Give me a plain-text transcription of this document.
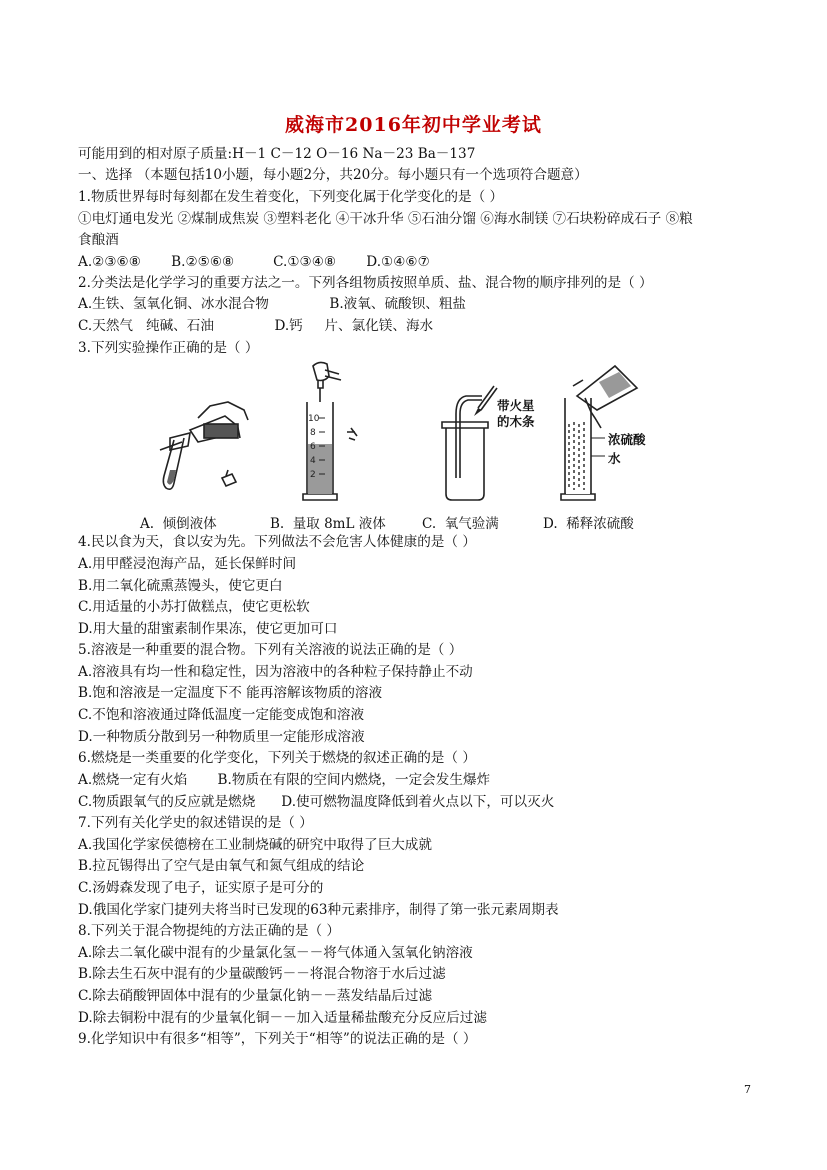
威海市2016年初中学业考试
可能用到的相对原子质量:H－1 C－12 O－16 Na－23 Ba－137
一、选择 （本题包括10小题，每小题2分，共20分。每小题只有一个选项符合题意）
1.物质世界每时每刻都在发生着变化，下列变化属于化学变化的是（ ）
①电灯通电发光 ②煤制成焦炭 ③塑料老化 ④干冰升华 ⑤石油分馏 ⑥海水制镁 ⑦石块粉碎成石子 ⑧粮
食酿酒
A.②③⑥⑧       B.②⑤⑥⑧         C.①③④⑧       D.①④⑥⑦
2.分类法是化学学习的重要方法之一。下列各组物质按照单质、盐、混合物的顺序排列的是（ ）
A.生铁、氢氧化铜、冰水混合物              B.液氧、硫酸钡、粗盐
C.天然气   纯碱、石油              D.钙     片、氯化镁、海水
3.下列实验操作正确的是（ ）
4.民以食为天，食以安为先。下列做法不会危害人体健康的是（ ）
A.用甲醛浸泡海产品，延长保鲜时间
B.用二氧化硫熏蒸馒头，使它更白
C.用适量的小苏打做糕点，使它更松软
D.用大量的甜蜜素制作果冻，使它更加可口
5.溶液是一种重要的混合物。下列有关溶液的说法正确的是（ ）
A.溶液具有均一性和稳定性，因为溶液中的各种粒子保持静止不动
B.饱和溶液是一定温度下不 能再溶解该物质的溶液
C.不饱和溶液通过降低温度一定能变成饱和溶液
D.一种物质分散到另一种物质里一定能形成溶液
6.燃烧是一类重要的化学变化，下列关于燃烧的叙述正确的是（ ）
A.燃烧一定有火焰       B.物质在有限的空间内燃烧，一定会发生爆炸
C.物质跟氧气的反应就是燃烧      D.使可燃物温度降低到着火点以下，可以灭火
7.下列有关化学史的叙述错误的是（ ）
A.我国化学家侯德榜在工业制烧碱的研究中取得了巨大成就
B.拉瓦锡得出了空气是由氧气和氮气组成的结论
C.汤姆森发现了电子，证实原子是可分的
D.俄国化学家门捷列夫将当时已发现的63种元素排序，制得了第一张元素周期表
8.下列关于混合物提纯的方法正确的是（ ）
A.除去二氧化碳中混有的少量氯化氢－－将气体通入氢氧化钠溶液
B.除去生石灰中混有的少量碳酸钙－－将混合物溶于水后过滤
C.除去硝酸钾固体中混有的少量氯化钠－－蒸发结晶后过滤
D.除去铜粉中混有的少量氧化铜－－加入适量稀盐酸充分反应后过滤
9.化学知识中有很多“相等”，下列关于“相等”的说法正确的是（ ）
10
8
6
4
2
带火星
的木条
浓硫酸
水
A.  倾倒液体	B.  量取 8mL 液体	C.  氧气验满	D.  稀释浓硫酸
7
